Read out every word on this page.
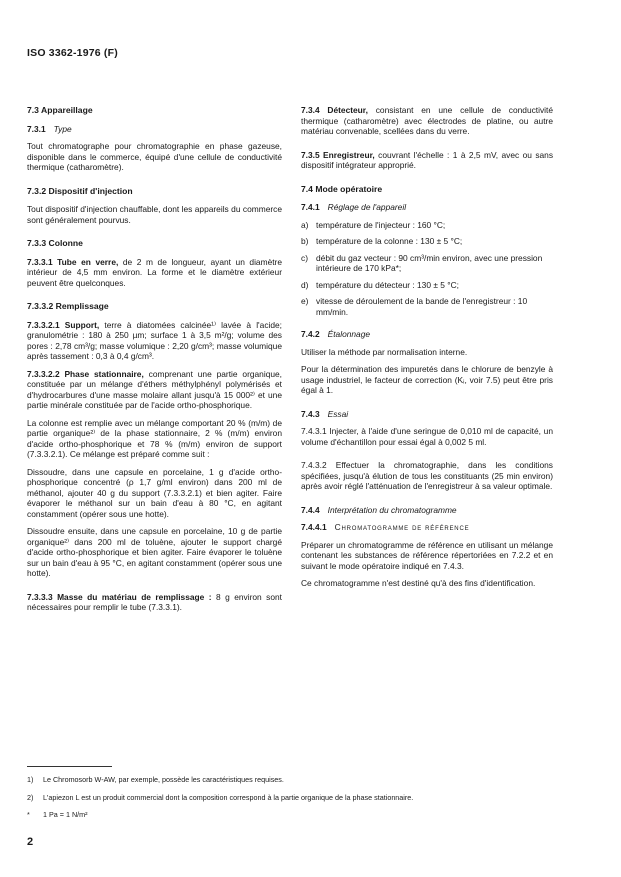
ISO 3362-1976 (F)
7.3 Appareillage
7.3.1 Type

Tout chromatographe pour chromatographie en phase gazeuse, disponible dans le commerce, équipé d'une cellule de conductivité thermique (catharomètre).

7.3.2 Dispositif d'injection

Tout dispositif d'injection chauffable, dont les appareils du commerce sont généralement pourvus.

7.3.3 Colonne

7.3.3.1 Tube en verre, de 2 m de longueur, ayant un diamètre intérieur de 4,5 mm environ. La forme et le diamètre extérieur peuvent être quelconques.

7.3.3.2 Remplissage

7.3.3.2.1 Support, terre à diatomées calcinée¹⁾ lavée à l'acide; granulométrie : 180 à 250 µm; surface 1 à 3,5 m²/g; volume des pores : 2,78 cm³/g; masse volumique : 2,20 g/cm³; masse volumique après tassement : 0,3 à 0,4 g/cm³.

7.3.3.2.2 Phase stationnaire, comprenant une partie organique, constituée par un mélange d'éthers méthylphényl polymérisés et d'hydrocarbures d'une masse molaire allant jusqu'à 15 000²⁾ et une partie minérale constituée par de l'acide ortho-phosphorique.

La colonne est remplie avec un mélange comportant 20 % (m/m) de partie organique²⁾ de la phase stationnaire, 2 % (m/m) environ d'acide ortho-phosphorique et 78 % (m/m) environ de support (7.3.3.2.1). Ce mélange est préparé comme suit :

Dissoudre, dans une capsule en porcelaine, 1 g d'acide ortho-phosphorique concentré (ρ 1,7 g/ml environ) dans 200 ml de méthanol, ajouter 40 g du support (7.3.3.2.1) et bien agiter. Faire évaporer le méthanol sur un bain d'eau à 80 °C, en agitant constamment (opérer sous une hotte).

Dissoudre ensuite, dans une capsule en porcelaine, 10 g de partie organique²⁾ dans 200 ml de toluène, ajouter le support chargé d'acide ortho-phosphorique et bien agiter. Faire évaporer le toluène sur un bain d'eau à 95 °C, en agitant constamment (opérer sous une hotte).

7.3.3.3 Masse du matériau de remplissage : 8 g environ sont nécessaires pour remplir le tube (7.3.3.1).

7.3.4 Détecteur, consistant en une cellule de conductivité thermique (catharomètre) avec électrodes de platine, ou autre matériau convenable, scellées dans du verre.

7.3.5 Enregistreur, couvrant l'échelle : 1 à 2,5 mV, avec ou sans dispositif intégrateur approprié.

7.4 Mode opératoire
7.4.1 Réglage de l'appareil
a) température de l'injecteur : 160 °C;
b) température de la colonne : 130 ± 5 °C;
c) débit du gaz vecteur : 90 cm³/min environ, avec une pression intérieure de 170 kPa*;
d) température du détecteur : 130 ± 5 °C;
e) vitesse de déroulement de la bande de l'enregistreur : 10 mm/min.
7.4.2 Étalonnage

Utiliser la méthode par normalisation interne.

Pour la détermination des impuretés dans le chlorure de benzyle à usage industriel, le facteur de correction (Kᵢ, voir 7.5) peut être pris égal à 1.

7.4.3 Essai

7.4.3.1 Injecter, à l'aide d'une seringue de 0,010 ml de capacité, un volume d'échantillon pour essai égal à 0,002 5 ml.

7.4.3.2 Effectuer la chromatographie, dans les conditions spécifiées, jusqu'à élution de tous les constituants (25 min environ) après avoir réglé l'atténuation de l'enregistreur à sa valeur optimale.

7.4.4 Interprétation du chromatogramme
7.4.4.1 Chromatogramme de référence

Préparer un chromatogramme de référence en utilisant un mélange contenant les substances de référence répertoriées en 7.2.2 et en suivant le mode opératoire indiqué en 7.4.3.

Ce chromatogramme n'est destiné qu'à des fins d'identification.

1) Le Chromosorb W-AW, par exemple, possède les caractéristiques requises.
2) L'apiezon L est un produit commercial dont la composition correspond à la partie organique de la phase stationnaire.
* 1 Pa = 1 N/m²
2
